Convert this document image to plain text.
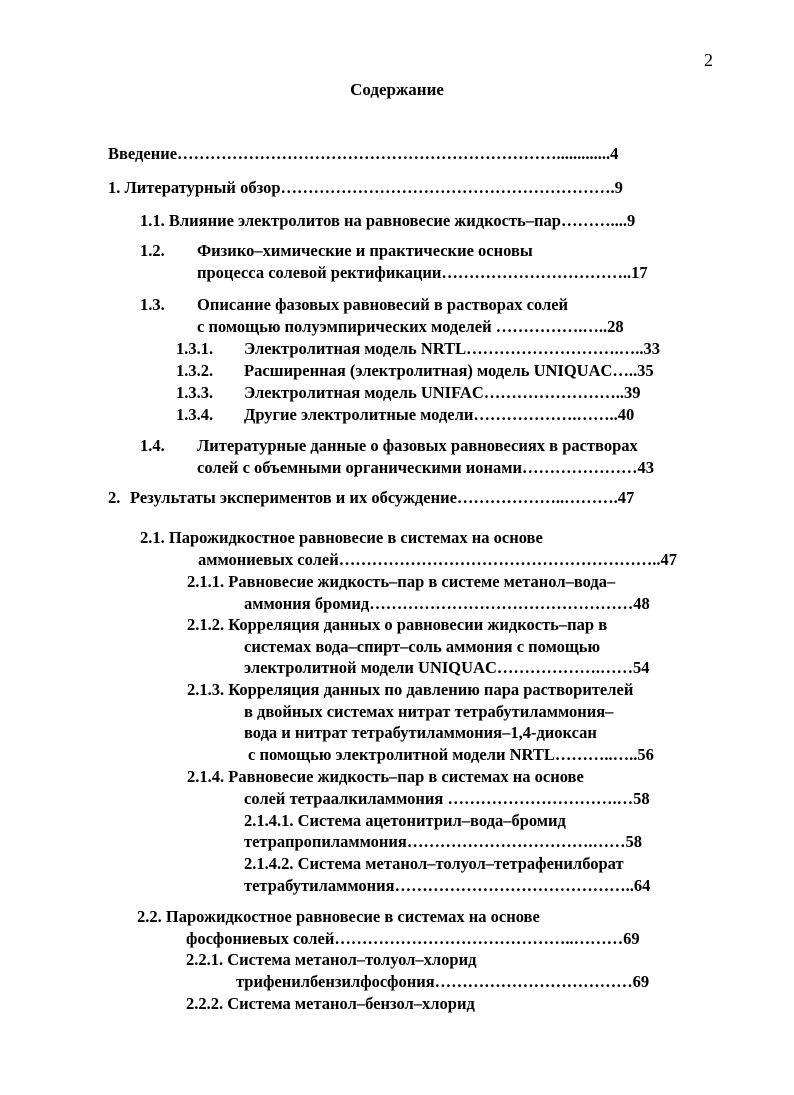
2
Содержание
Введение…………………………………………………………….............4
1. Литературный обзор…………………………………………………….9
1.1. Влияние электролитов на равновесие жидкость–пар………....9
1.2. Физико–химические и практические основы
процесса солевой ректификации……………………………..17
1.3. Описание фазовых равновесий в растворах солей
с помощью полуэмпирических моделей …………….…..28
1.3.1. Электролитная модель NRTL……………………….…..33
1.3.2. Расширенная (электролитная) модель UNIQUAC…..35
1.3.3. Электролитная модель UNIFAC……………………..39
1.3.4. Другие электролитные модели……………….……..40
1.4. Литературные данные о фазовых равновесиях в растворах
солей с объемными органическими ионами…………………43
2. Результаты экспериментов и их обсуждение………………..……….47
2.1. Парожидкостное равновесие в системах на основе
аммониевых солей…………………………………………………..47
2.1.1. Равновесие жидкость–пар в системе метанол–вода–
аммония бромид…………………………………………48
2.1.2. Корреляция данных о равновесии жидкость–пар в
системах вода–спирт–соль аммония с помощью
электролитной модели UNIQUAC……………….……54
2.1.3. Корреляция данных по давлению пара растворителей
в двойных системах нитрат тетрабутиламмония–
вода и нитрат тетрабутиламмония–1,4-диоксан
с помощью электролитной модели NRTL………..…..56
2.1.4. Равновесие жидкость–пар в системах на основе
солей тетраалкиламмония ………………………….…58
2.1.4.1. Система ацетонитрил–вода–бромид
тетрапропиламмония…………………………….……58
2.1.4.2. Система метанол–толуол–тетрафенилборат
тетрабутиламмония……………………………………..64
2.2. Парожидкостное равновесие в системах на основе
фосфониевых солей……………………………………..………69
2.2.1. Система метанол–толуол–хлорид
трифенилбензилфосфония………………………………69
2.2.2. Система метанол–бензол–хлорид
